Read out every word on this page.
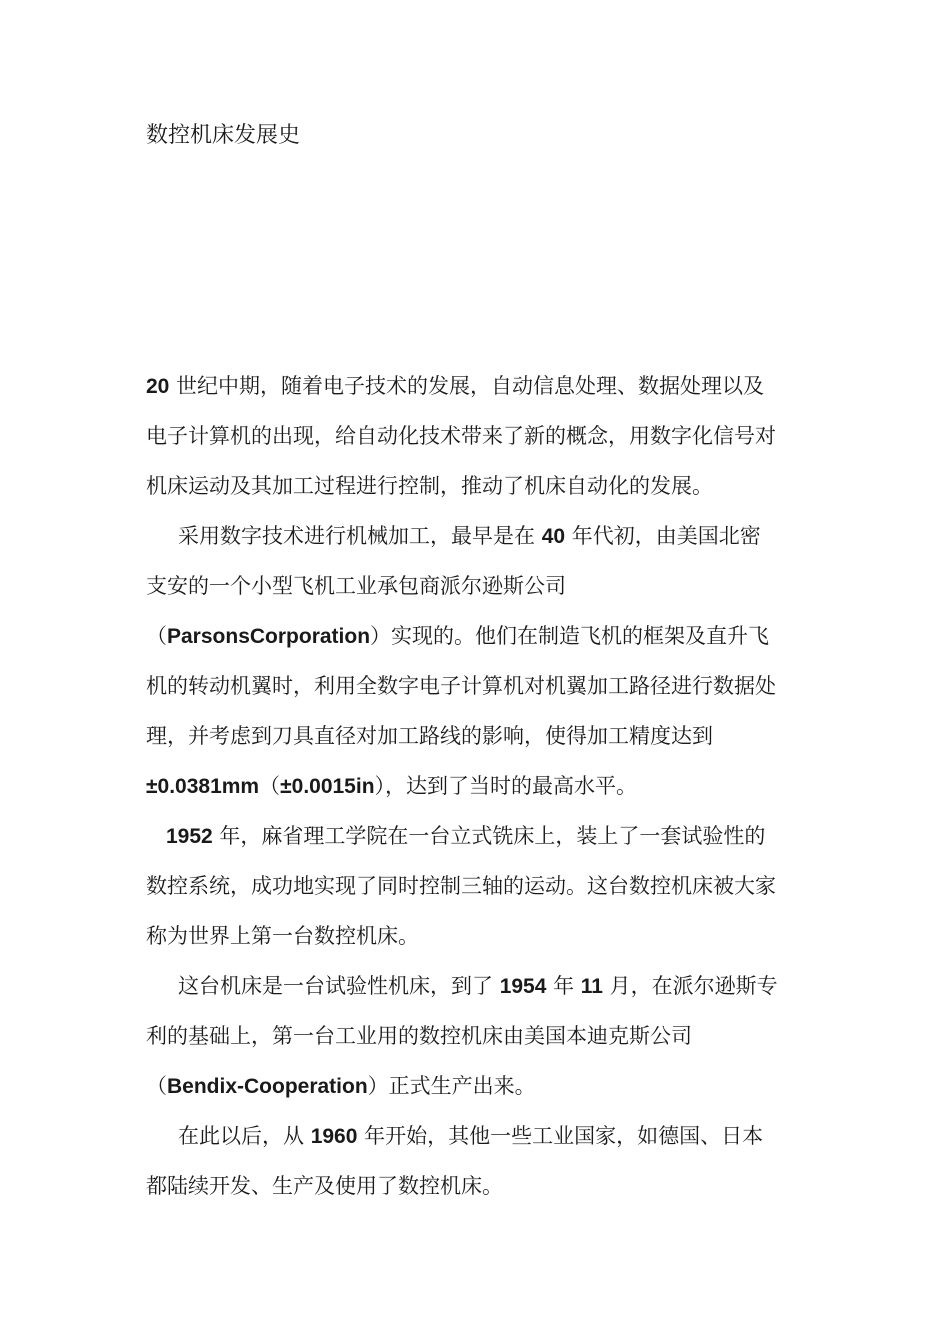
数控机床发展史
20 世纪中期，随着电子技术的发展，自动信息处理、数据处理以及
电子计算机的出现，给自动化技术带来了新的概念，用数字化信号对
机床运动及其加工过程进行控制，推动了机床自动化的发展。
采用数字技术进行机械加工，最早是在 40 年代初，由美国北密
支安的一个小型飞机工业承包商派尔逊斯公司
（ParsonsCorporation）实现的。他们在制造飞机的框架及直升飞
机的转动机翼时，利用全数字电子计算机对机翼加工路径进行数据处
理，并考虑到刀具直径对加工路线的影响，使得加工精度达到
±0.0381mm（±0.0015in），达到了当时的最高水平。
1952 年，麻省理工学院在一台立式铣床上，装上了一套试验性的
数控系统，成功地实现了同时控制三轴的运动。这台数控机床被大家
称为世界上第一台数控机床。
这台机床是一台试验性机床，到了 1954 年 11 月，在派尔逊斯专
利的基础上，第一台工业用的数控机床由美国本迪克斯公司
（Bendix-Cooperation）正式生产出来。
在此以后，从 1960 年开始，其他一些工业国家，如德国、日本
都陆续开发、生产及使用了数控机床。
